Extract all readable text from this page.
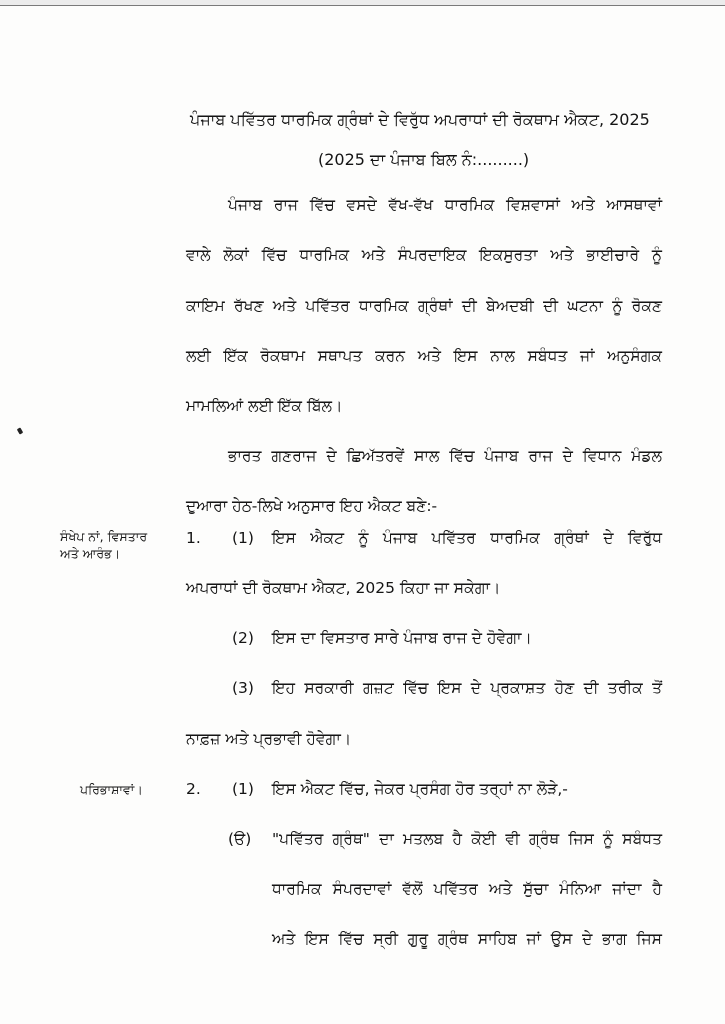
ਪੰਜਾਬ ਪਵਿੱਤਰ ਧਾਰਮਿਕ ਗ੍ਰੰਥਾਂ ਦੇ ਵਿਰੁੱਧ ਅਪਰਾਧਾਂ ਦੀ ਰੋਕਥਾਮ ਐਕਟ, 2025
(2025 ਦਾ ਪੰਜਾਬ ਬਿਲ ਨੰ:.........)
ਪੰਜਾਬ ਰਾਜ ਵਿੱਚ ਵਸਦੇ ਵੱਖ-ਵੱਖ ਧਾਰਮਿਕ ਵਿਸ਼ਵਾਸਾਂ ਅਤੇ ਆਸਥਾਵਾਂ
ਵਾਲੇ ਲੋਕਾਂ ਵਿੱਚ ਧਾਰਮਿਕ ਅਤੇ ਸੰਪਰਦਾਇਕ ਇਕਸੁਰਤਾ ਅਤੇ ਭਾਈਚਾਰੇ ਨੂੰ
ਕਾਇਮ ਰੱਖਣ ਅਤੇ ਪਵਿੱਤਰ ਧਾਰਮਿਕ ਗ੍ਰੰਥਾਂ ਦੀ ਬੇਅਦਬੀ ਦੀ ਘਟਨਾ ਨੂੰ ਰੋਕਣ
ਲਈ ਇੱਕ ਰੋਕਥਾਮ ਸਥਾਪਤ ਕਰਨ ਅਤੇ ਇਸ ਨਾਲ ਸਬੰਧਤ ਜਾਂ ਅਨੁਸੰਗਕ
ਮਾਮਲਿਆਂ ਲਈ ਇੱਕ ਬਿੱਲ।
ਭਾਰਤ ਗਣਰਾਜ ਦੇ ਛਿਅੱਤਰਵੇਂ ਸਾਲ ਵਿੱਚ ਪੰਜਾਬ ਰਾਜ ਦੇ ਵਿਧਾਨ ਮੰਡਲ
ਦੁਆਰਾ ਹੇਠ-ਲਿਖੇ ਅਨੁਸਾਰ ਇਹ ਐਕਟ ਬਣੇ:-
ਸੰਖੇਪ ਨਾਂ, ਵਿਸਤਾਰ
ਅਤੇ ਆਰੰਭ।
1. (1) ਇਸ ਐਕਟ ਨੂੰ ਪੰਜਾਬ ਪਵਿੱਤਰ ਧਾਰਮਿਕ ਗ੍ਰੰਥਾਂ ਦੇ ਵਿਰੁੱਧ
ਅਪਰਾਧਾਂ ਦੀ ਰੋਕਥਾਮ ਐਕਟ, 2025 ਕਿਹਾ ਜਾ ਸਕੇਗਾ।
(2) ਇਸ ਦਾ ਵਿਸਤਾਰ ਸਾਰੇ ਪੰਜਾਬ ਰਾਜ ਦੇ ਹੋਵੇਗਾ।
(3) ਇਹ ਸਰਕਾਰੀ ਗਜ਼ਟ ਵਿੱਚ ਇਸ ਦੇ ਪ੍ਰਕਾਸ਼ਤ ਹੋਣ ਦੀ ਤਰੀਕ ਤੋਂ
ਨਾਫ਼ਜ਼ ਅਤੇ ਪ੍ਰਭਾਵੀ ਹੋਵੇਗਾ।
ਪਰਿਭਾਸ਼ਾਵਾਂ।	2. (1) ਇਸ ਐਕਟ ਵਿੱਚ, ਜੇਕਰ ਪ੍ਰਸੰਗ ਹੋਰ ਤਰ੍ਹਾਂ ਨਾ ਲੋੜੇ,-
(ੳ) "ਪਵਿੱਤਰ ਗ੍ਰੰਥ" ਦਾ ਮਤਲਬ ਹੈ ਕੋਈ ਵੀ ਗ੍ਰੰਥ ਜਿਸ ਨੂੰ ਸਬੰਧਤ
ਧਾਰਮਿਕ ਸੰਪਰਦਾਵਾਂ ਵੱਲੋਂ ਪਵਿੱਤਰ ਅਤੇ ਸੁੱਚਾ ਮੰਨਿਆ ਜਾਂਦਾ ਹੈ
ਅਤੇ ਇਸ ਵਿੱਚ ਸ੍ਰੀ ਗੁਰੂ ਗ੍ਰੰਥ ਸਾਹਿਬ ਜਾਂ ਉਸ ਦੇ ਭਾਗ ਜਿਸ
